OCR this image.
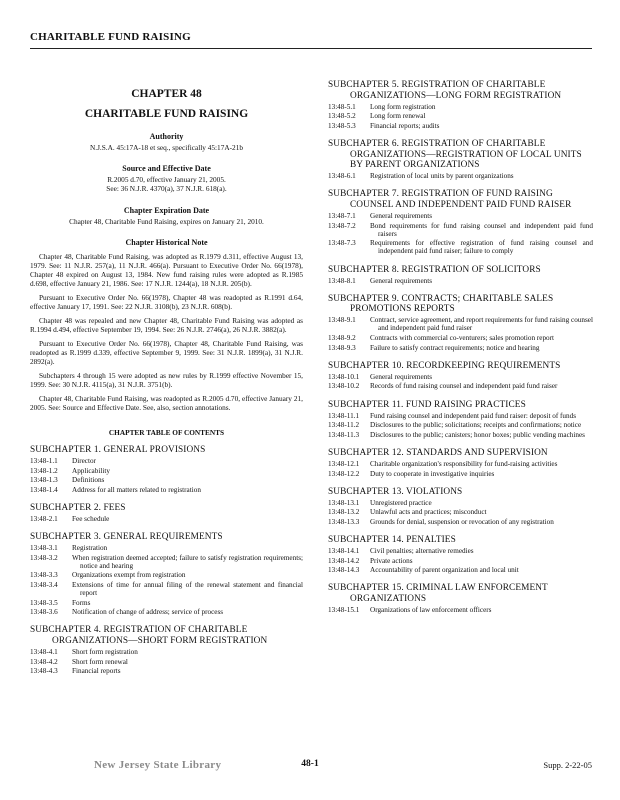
CHARITABLE FUND RAISING
CHAPTER 48
CHARITABLE FUND RAISING
Authority
N.J.S.A. 45:17A-18 et seq., specifically 45:17A-21b
Source and Effective Date
R.2005 d.70, effective January 21, 2005.
See: 36 N.J.R. 4370(a), 37 N.J.R. 618(a).
Chapter Expiration Date
Chapter 48, Charitable Fund Raising, expires on January 21, 2010.
Chapter Historical Note
Chapter 48, Charitable Fund Raising, was adopted as R.1979 d.311, effective August 13, 1979. See: 11 N.J.R. 257(a), 11 N.J.R. 466(a). Pursuant to Executive Order No. 66(1978), Chapter 48 expired on August 13, 1984. New fund raising rules were adopted as R.1985 d.698, effective January 21, 1986. See: 17 N.J.R. 1244(a), 18 N.J.R. 205(b).
Pursuant to Executive Order No. 66(1978), Chapter 48 was readopted as R.1991 d.64, effective January 17, 1991. See: 22 N.J.R. 3108(b), 23 N.J.R. 608(b).
Chapter 48 was repealed and new Chapter 48, Charitable Fund Raising was adopted as R.1994 d.494, effective September 19, 1994. See: 26 N.J.R. 2746(a), 26 N.J.R. 3882(a).
Pursuant to Executive Order No. 66(1978), Chapter 48, Charitable Fund Raising, was readopted as R.1999 d.339, effective September 9, 1999. See: 31 N.J.R. 1899(a), 31 N.J.R. 2892(a).
Subchapters 4 through 15 were adopted as new rules by R.1999 effective November 15, 1999. See: 30 N.J.R. 4115(a), 31 N.J.R. 3751(b).
Chapter 48, Charitable Fund Raising, was readopted as R.2005 d.70, effective January 21, 2005. See: Source and Effective Date. See, also, section annotations.
CHAPTER TABLE OF CONTENTS
SUBCHAPTER 1. GENERAL PROVISIONS
13:48-1.1	Director
13:48-1.2	Applicability
13:48-1.3	Definitions
13:48-1.4	Address for all matters related to registration
SUBCHAPTER 2. FEES
13:48-2.1	Fee schedule
SUBCHAPTER 3. GENERAL REQUIREMENTS
13:48-3.1	Registration
13:48-3.2	When registration deemed accepted; failure to satisfy registration requirements; notice and hearing
13:48-3.3	Organizations exempt from registration
13:48-3.4	Extensions of time for annual filing of the renewal statement and financial report
13:48-3.5	Forms
13:48-3.6	Notification of change of address; service of process
SUBCHAPTER 4. REGISTRATION OF CHARITABLE ORGANIZATIONS—SHORT FORM REGISTRATION
13:48-4.1	Short form registration
13:48-4.2	Short form renewal
13:48-4.3	Financial reports
SUBCHAPTER 5. REGISTRATION OF CHARITABLE ORGANIZATIONS—LONG FORM REGISTRATION
13:48-5.1	Long form registration
13:48-5.2	Long form renewal
13:48-5.3	Financial reports; audits
SUBCHAPTER 6. REGISTRATION OF CHARITABLE ORGANIZATIONS—REGISTRATION OF LOCAL UNITS BY PARENT ORGANIZATIONS
13:48-6.1	Registration of local units by parent organizations
SUBCHAPTER 7. REGISTRATION OF FUND RAISING COUNSEL AND INDEPENDENT PAID FUND RAISER
13:48-7.1	General requirements
13:48-7.2	Bond requirements for fund raising counsel and independent paid fund raisers
13:48-7.3	Requirements for effective registration of fund raising counsel and independent paid fund raiser; failure to comply
SUBCHAPTER 8. REGISTRATION OF SOLICITORS
13:48-8.1	General requirements
SUBCHAPTER 9. CONTRACTS; CHARITABLE SALES PROMOTIONS REPORTS
13:48-9.1	Contract, service agreement, and report requirements for fund raising counsel and independent paid fund raiser
13:48-9.2	Contracts with commercial co-venturers; sales promotion report
13:48-9.3	Failure to satisfy contract requirements; notice and hearing
SUBCHAPTER 10. RECORDKEEPING REQUIREMENTS
13:48-10.1	General requirements
13:48-10.2	Records of fund raising counsel and independent paid fund raiser
SUBCHAPTER 11. FUND RAISING PRACTICES
13:48-11.1	Fund raising counsel and independent paid fund raiser: deposit of funds
13:48-11.2	Disclosures to the public; solicitations; receipts and confirmations; notice
13:48-11.3	Disclosures to the public; canisters; honor boxes; public vending machines
SUBCHAPTER 12. STANDARDS AND SUPERVISION
13:48-12.1	Charitable organization's responsibility for fund-raising activities
13:48-12.2	Duty to cooperate in investigative inquiries
SUBCHAPTER 13. VIOLATIONS
13:48-13.1	Unregistered practice
13:48-13.2	Unlawful acts and practices; misconduct
13:48-13.3	Grounds for denial, suspension or revocation of any registration
SUBCHAPTER 14. PENALTIES
13:48-14.1	Civil penalties; alternative remedies
13:48-14.2	Private actions
13:48-14.3	Accountability of parent organization and local unit
SUBCHAPTER 15. CRIMINAL LAW ENFORCEMENT ORGANIZATIONS
13:48-15.1	Organizations of law enforcement officers
New Jersey State Library	48-1	Supp. 2-22-05
